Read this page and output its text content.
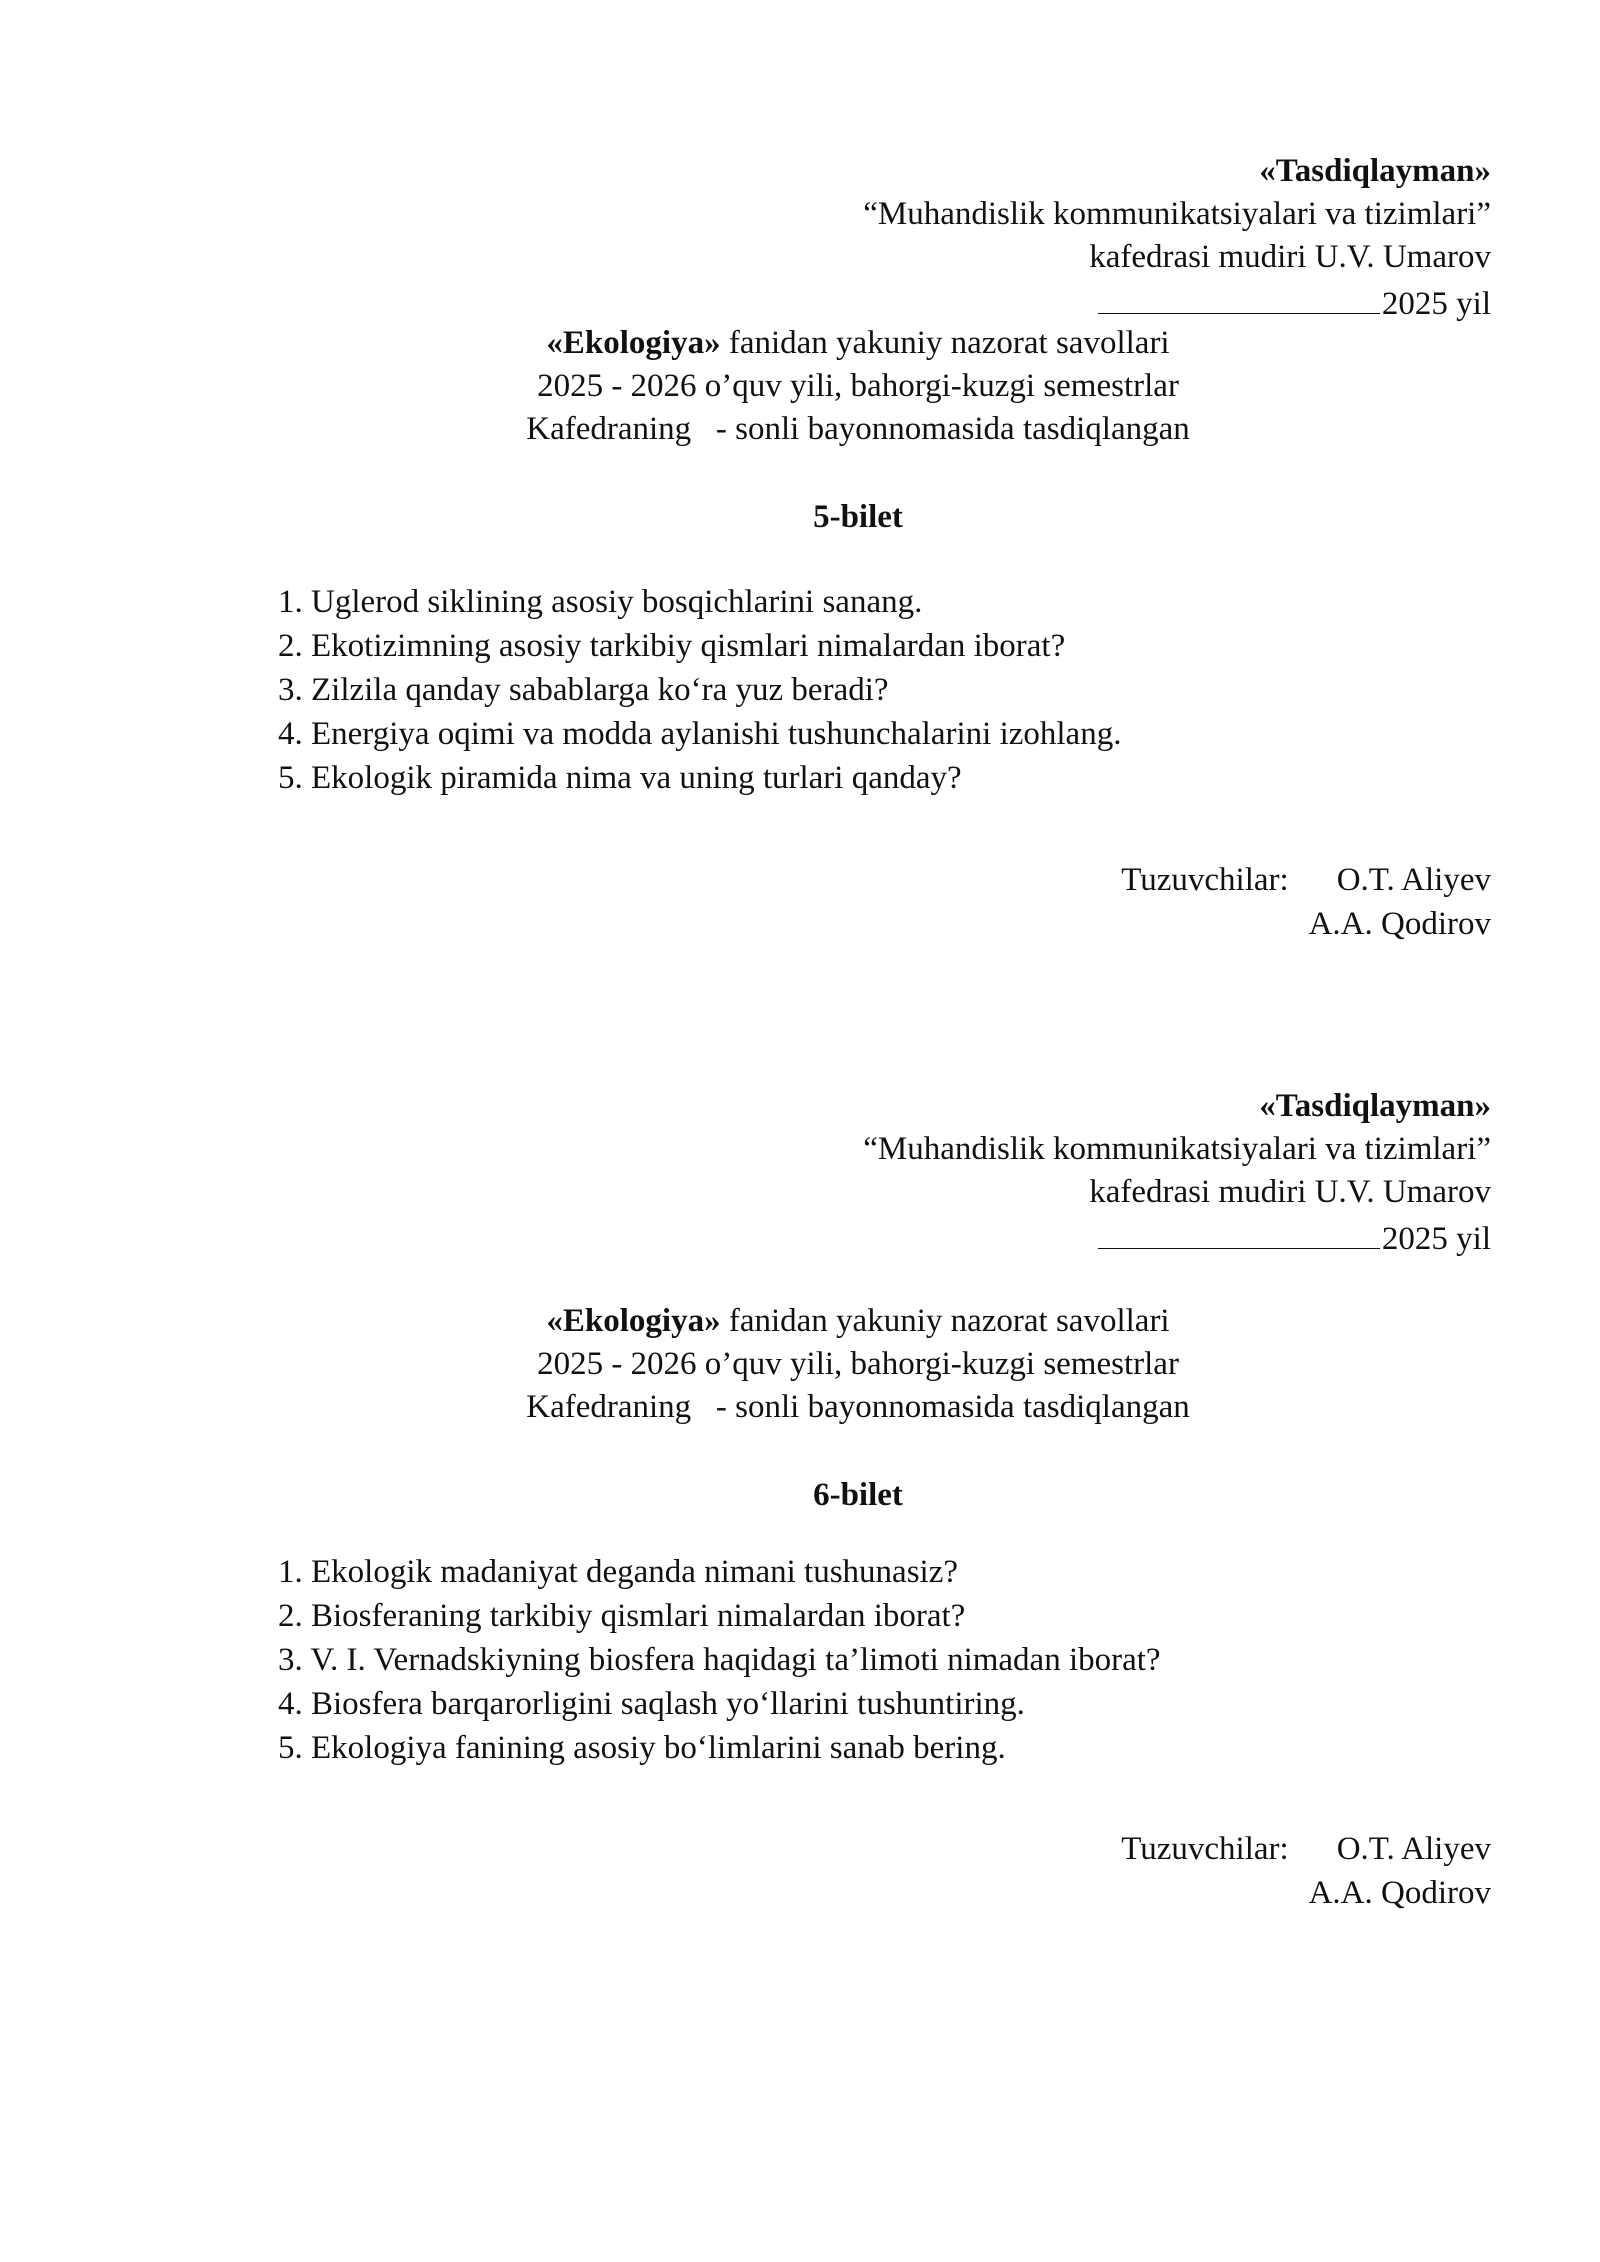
«Tasdiqlayman»
“Muhandislik kommunikatsiyalari va tizimlari”
kafedrasi mudiri U.V. Umarov
2025 yil
«Ekologiya» fanidan yakuniy nazorat savollari
2025 - 2026 o’quv yili, bahorgi-kuzgi semestrlar
Kafedraning   - sonli bayonnomasida tasdiqlangan
5-bilet
1. Uglerod siklining asosiy bosqichlarini sanang.
2. Ekotizimning asosiy tarkibiy qismlari nimalardan iborat?
3. Zilzila qanday sabablarga ko‘ra yuz beradi?
4. Energiya oqimi va modda aylanishi tushunchalarini izohlang.
5. Ekologik piramida nima va uning turlari qanday?
Tuzuvchilar: O.T. Aliyev
A.A. Qodirov
«Tasdiqlayman»
“Muhandislik kommunikatsiyalari va tizimlari”
kafedrasi mudiri U.V. Umarov
2025 yil
«Ekologiya» fanidan yakuniy nazorat savollari
2025 - 2026 o’quv yili, bahorgi-kuzgi semestrlar
Kafedraning   - sonli bayonnomasida tasdiqlangan
6-bilet
1. Ekologik madaniyat deganda nimani tushunasiz?
2. Biosferaning tarkibiy qismlari nimalardan iborat?
3. V. I. Vernadskiyning biosfera haqidagi ta’limoti nimadan iborat?
4. Biosfera barqarorligini saqlash yo‘llarini tushuntiring.
5. Ekologiya fanining asosiy bo‘limlarini sanab bering.
Tuzuvchilar: O.T. Aliyev
A.A. Qodirov
